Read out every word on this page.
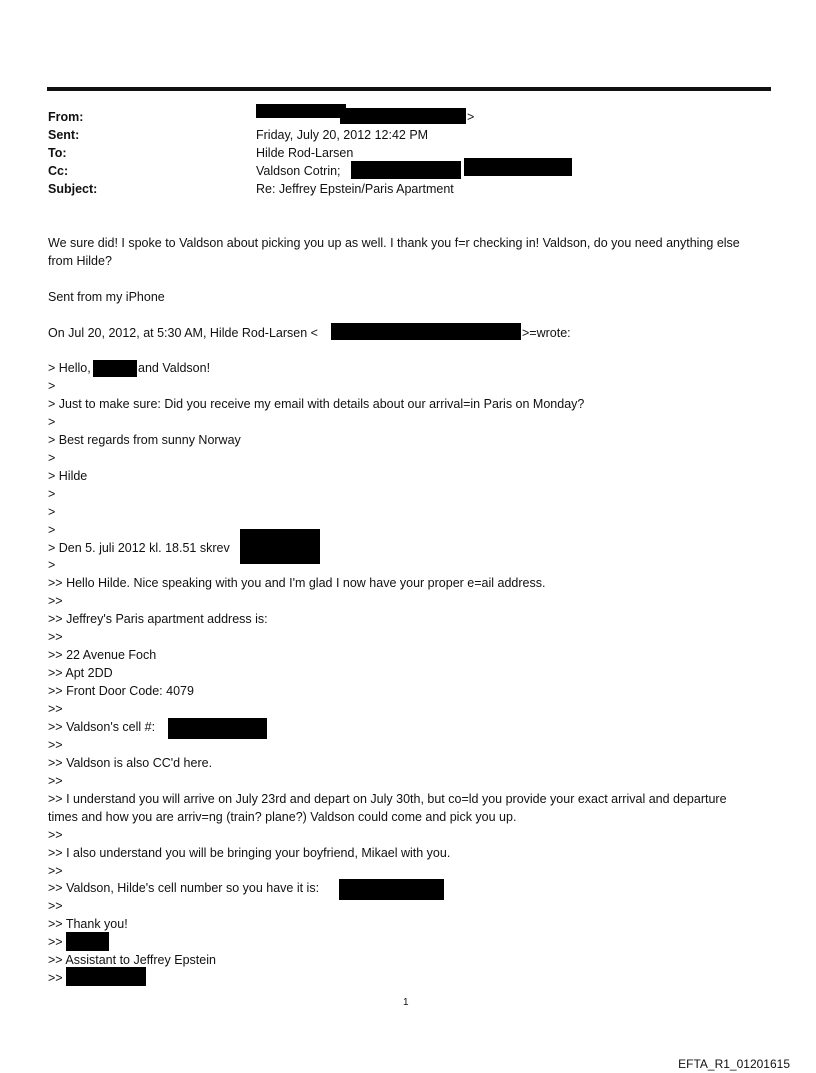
From:	>
Sent:	Friday, July 20, 2012 12:42 PM
To:	Hilde Rod-Larsen
Cc:	Valdson Cotrin;
Subject:	Re: Jeffrey Epstein/Paris Apartment
We sure did! I spoke to Valdson about picking you up as well. I thank you f=r checking in! Valdson, do you need anything else from Hilde?
Sent from my iPhone
On Jul 20, 2012, at 5:30 AM, Hilde Rod-Larsen <	>=wrote:
> Hello,	and Valdson!
>
> Just to make sure: Did you receive my email with details about our arrival=in Paris on Monday?
>
> Best regards from sunny Norway
>
> Hilde
>
>
>
> Den 5. juli 2012 kl. 18.51 skrev
>
>> Hello Hilde. Nice speaking with you and I'm glad I now have your proper e=ail address.
>>
>> Jeffrey's Paris apartment address is:
>>
>> 22 Avenue Foch
>> Apt 2DD
>> Front Door Code: 4079
>>
>> Valdson's cell #:
>>
>> Valdson is also CC'd here.
>>
>> I understand you will arrive on July 23rd and depart on July 30th, but co=ld you provide your exact arrival and departure times and how you are arriv=ng (train? plane?) Valdson could come and pick you up.
>>
>> I also understand you will be bringing your boyfriend, Mikael with you.
>>
>> Valdson, Hilde's cell number so you have it is:
>>
>> Thank you!
>>
>> Assistant to Jeffrey Epstein
>>
1
EFTA_R1_01201615
